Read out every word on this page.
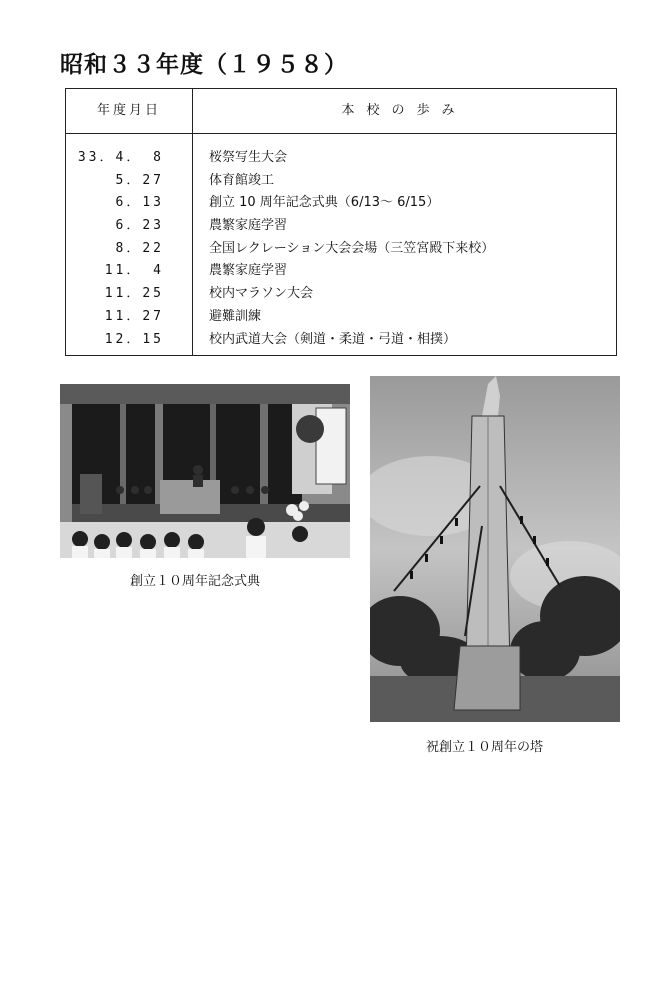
昭和３３年度（１９５８）
年度月日	本校の歩み
33．4． 8	桜祭写生大会
5．27	体育館竣工
6．13	創立 10 周年記念式典（6/13～ 6/15）
6．23	農繁家庭学習
8．22	全国レクレーション大会会場（三笠宮殿下来校）
11． 4	農繁家庭学習
11．25	校内マラソン大会
11．27	避難訓練
12．15	校内武道大会（剣道・柔道・弓道・相撲）
創立１０周年記念式典
祝創立１０周年の塔
